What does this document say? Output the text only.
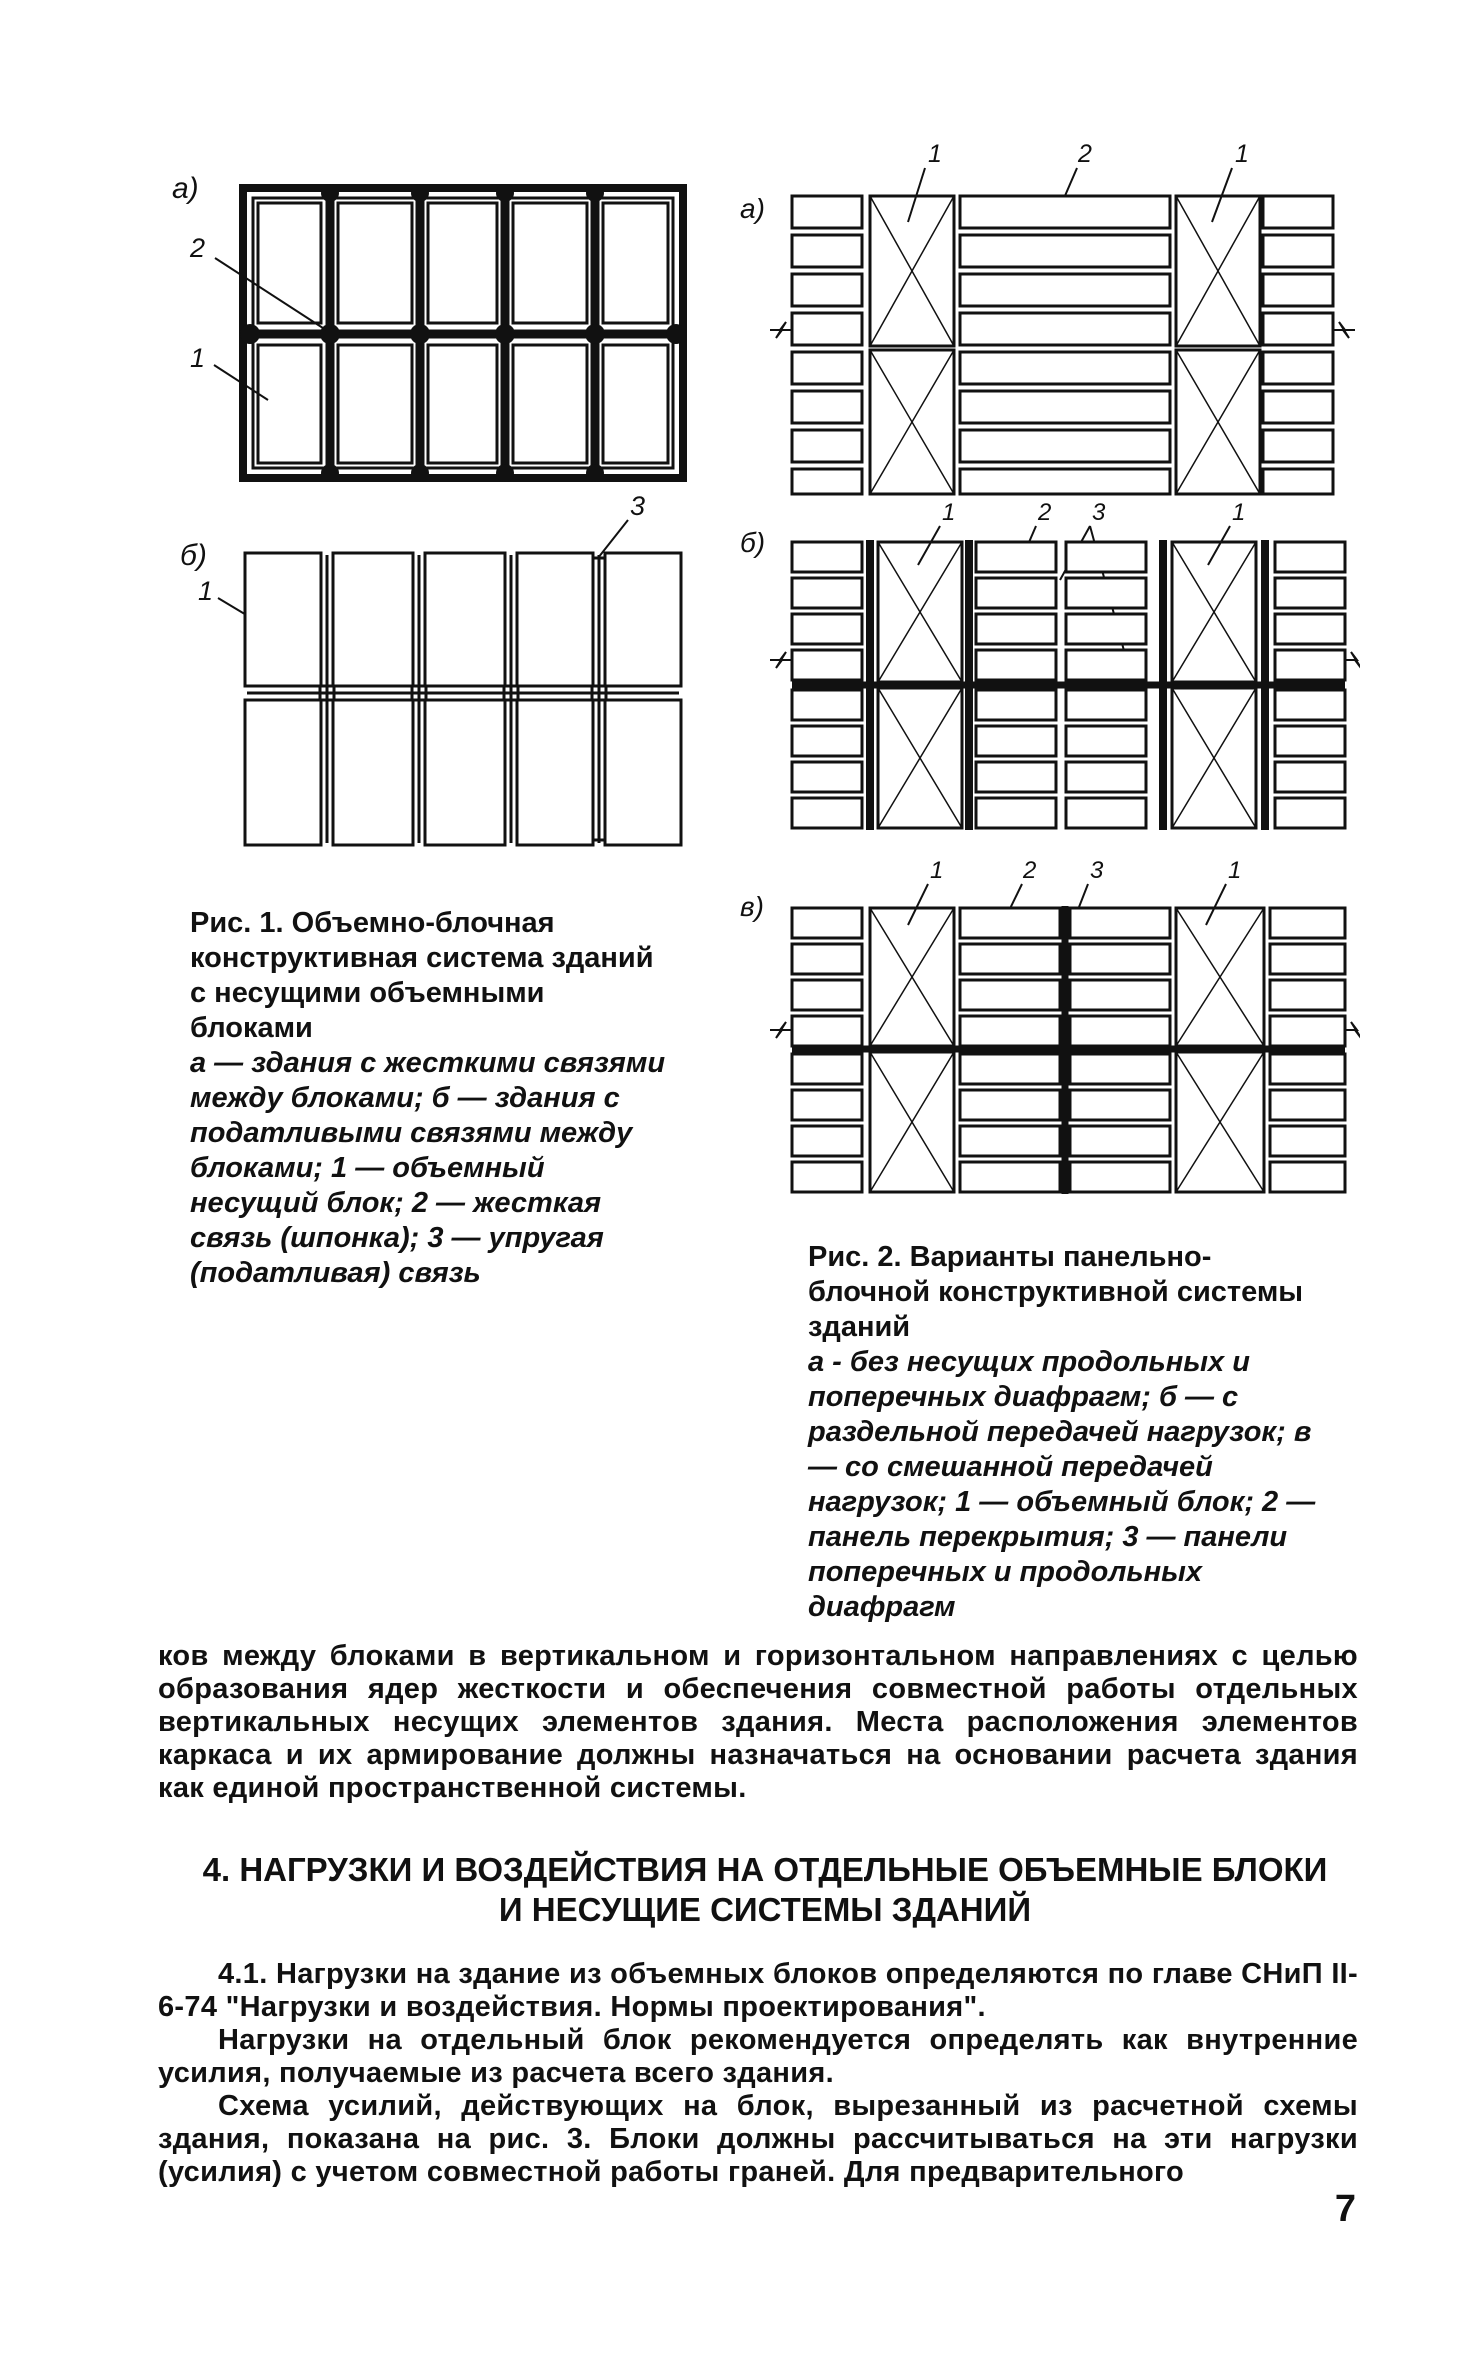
а)
2
1
б)
1
3
Рис. 1. Объемно-блочная конструктивная система зданий с несущими объемными блоками
а — здания с жесткими связями между блоками; б — здания с податливыми связями между блоками; 1 — объемный несущий блок; 2 — жесткая связь (шпонка); 3 — упругая (податливая) связь
а)
1	2	1
б)
1	2 3	1
в)
1	2 3	1
Рис. 2. Варианты панельно-блочной конструктивной системы зданий
а - без несущих продольных и поперечных диафрагм; б — с раздельной передачей нагрузок; в — со смешанной передачей нагрузок; 1 — объемный блок; 2 — панель перекрытия; 3 — панели поперечных и продольных диафрагм

ков между блоками в вертикальном и горизонтальном направлениях с целью образования ядер жесткости и обеспечения совместной работы отдельных вертикальных несущих элементов здания. Места расположения элементов каркаса и их армирование должны назначаться на основании расчета здания как единой пространственной системы.

4. НАГРУЗКИ И ВОЗДЕЙСТВИЯ НА ОТДЕЛЬНЫЕ ОБЪЕМНЫЕ БЛОКИ И НЕСУЩИЕ СИСТЕМЫ ЗДАНИЙ

4.1. Нагрузки на здание из объемных блоков определяются по главе СНиП II-6-74 "Нагрузки и воздействия. Нормы проектирования".

Нагрузки на отдельный блок рекомендуется определять как внутренние усилия, получаемые из расчета всего здания.

Схема усилий, действующих на блок, вырезанный из расчетной схемы здания, показана на рис. 3. Блоки должны рассчитываться на эти нагрузки (усилия) с учетом совместной работы граней. Для предварительного

7
